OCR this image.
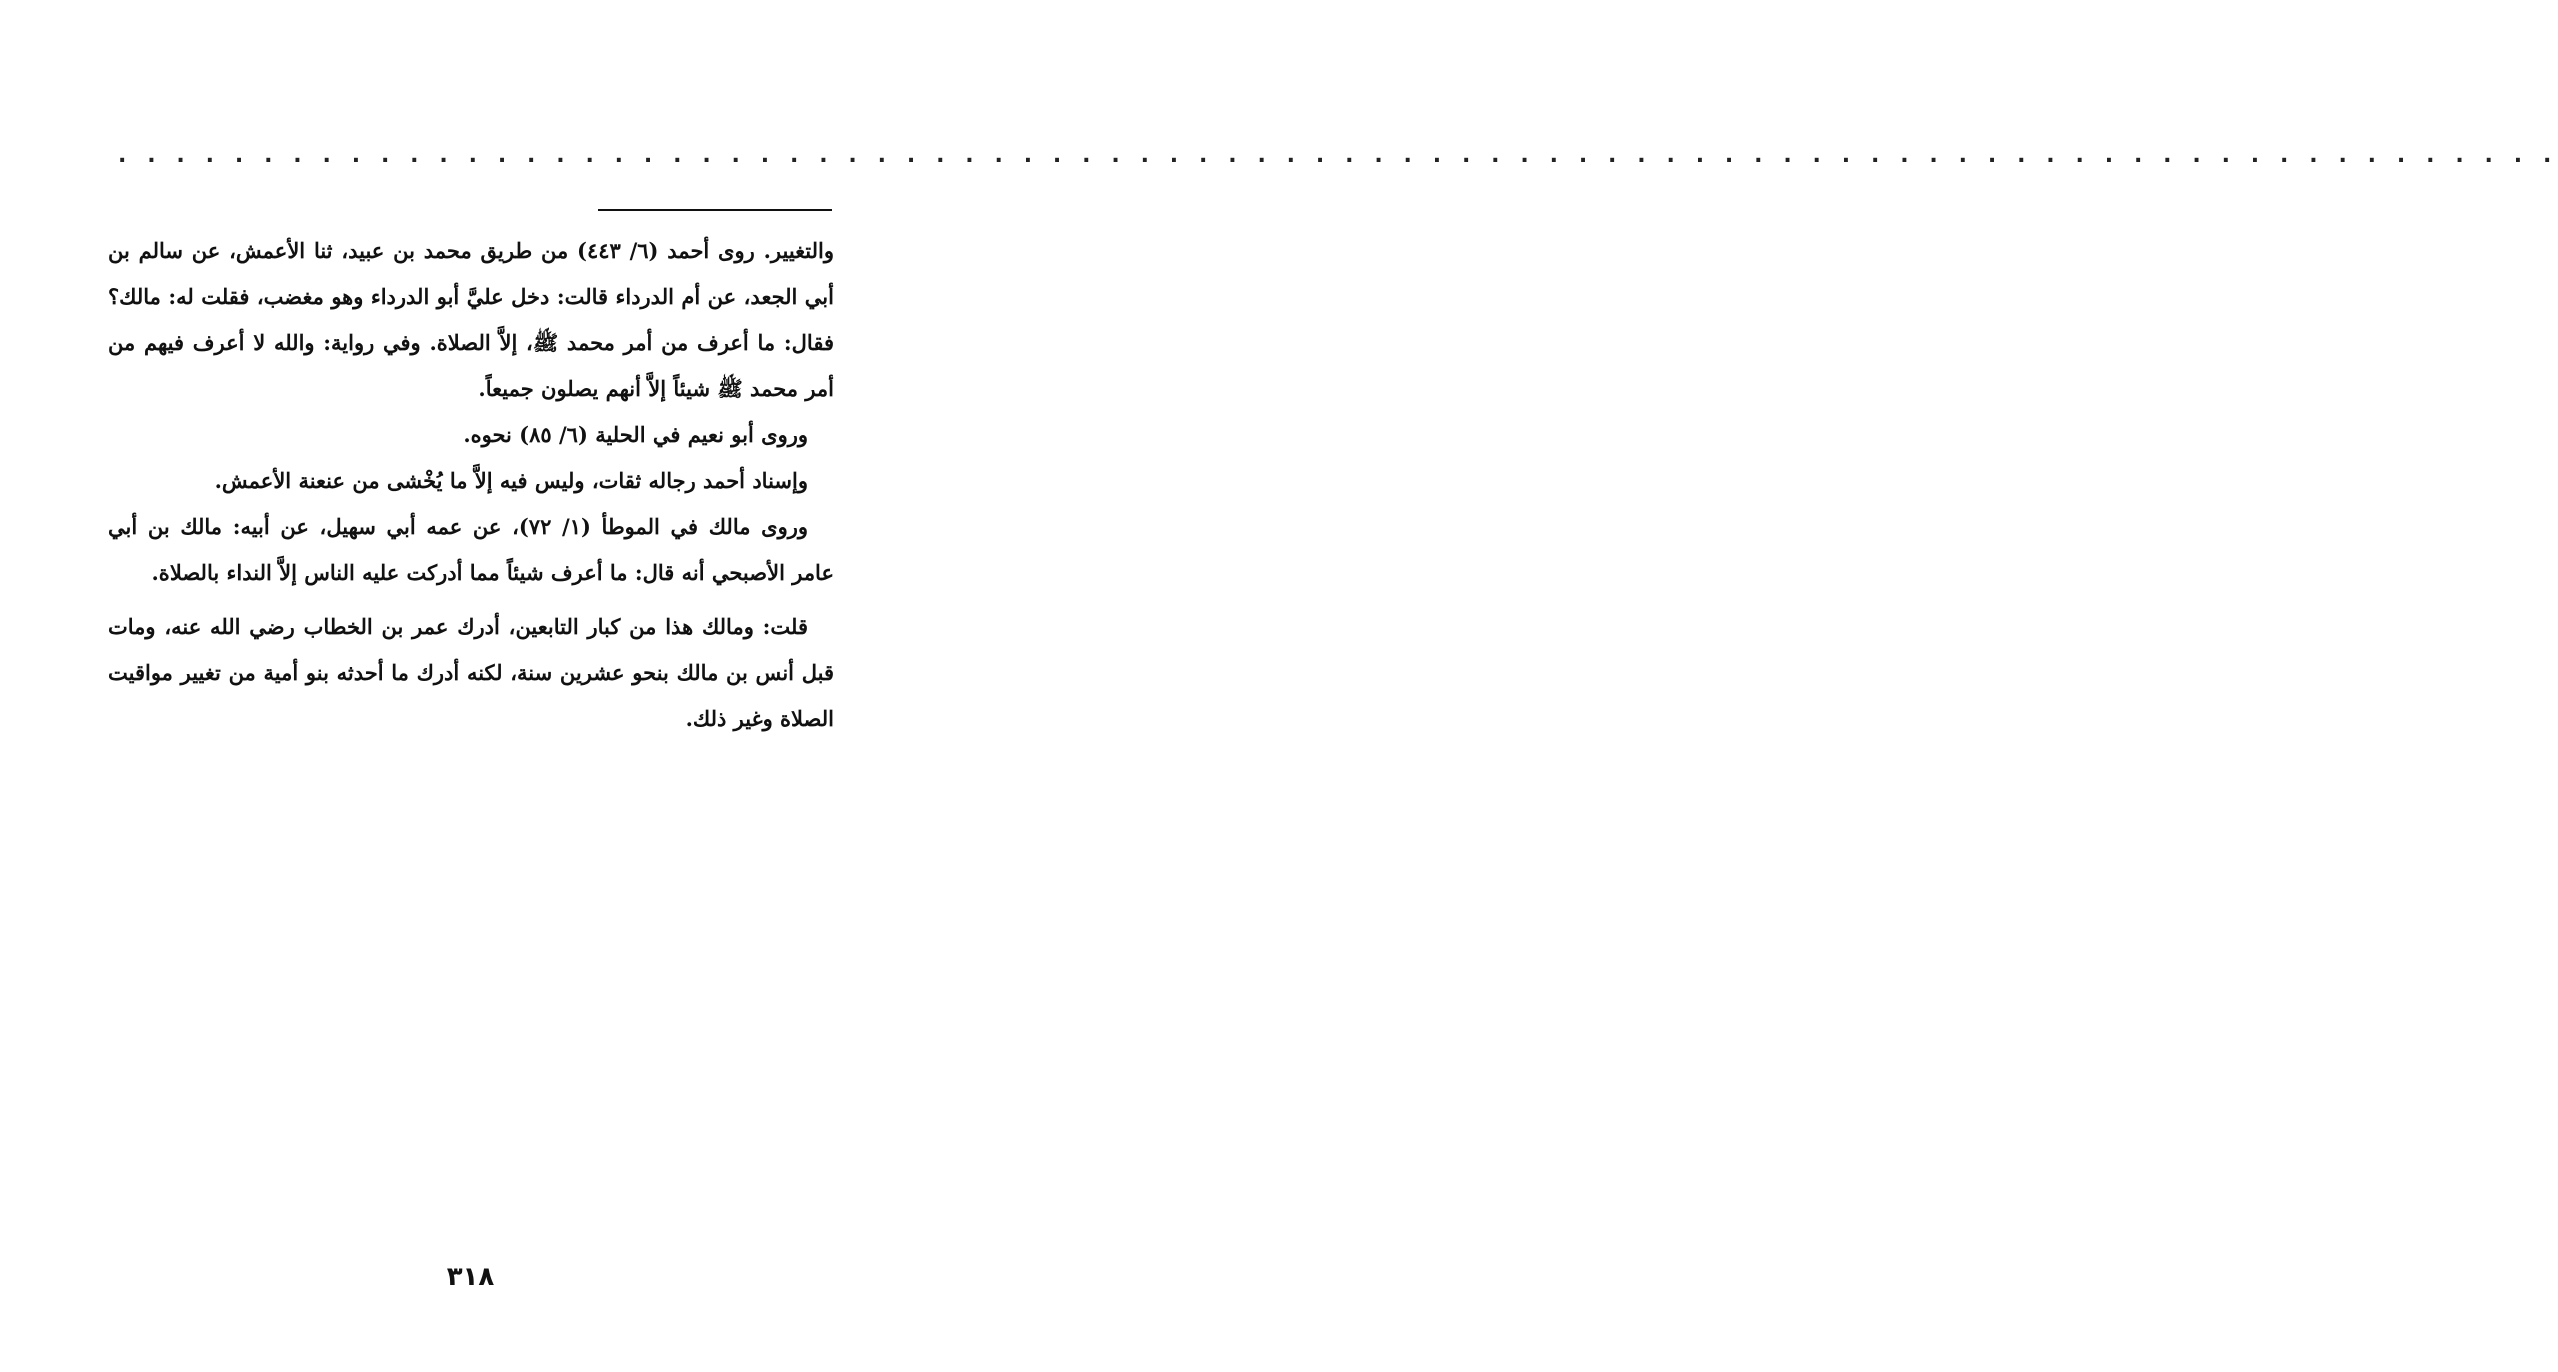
. . . . . . . . . . . . . . . . . . . . . . . . . . . . . . . . . . . . . . . . . . . . . . . . . . . . . . . . . . . . . . . . . . . . . . . . . . . . . . . . . . . .

والتغيير. روى أحمد (٦/ ٤٤٣) من طريق محمد بن عبيد، ثنا الأعمش، عن سالم بن أبي الجعد، عن أم الدرداء قالت: دخل عليَّ أبو الدرداء وهو مغضب، فقلت له: مالك؟ فقال: ما أعرف من أمر محمد ﷺ، إلاَّ الصلاة. وفي رواية: والله لا أعرف فيهم من أمر محمد ﷺ شيئاً إلاَّ أنهم يصلون جميعاً.

وروى أبو نعيم في الحلية (٦/ ٨٥) نحوه.

وإسناد أحمد رجاله ثقات، وليس فيه إلاَّ ما يُخْشى من عنعنة الأعمش.

وروى مالك في الموطأ (١/ ٧٢)، عن عمه أبي سهيل، عن أبيه: مالك بن أبي عامر الأصبحي أنه قال: ما أعرف شيئاً مما أدركت عليه الناس إلاَّ النداء بالصلاة.

قلت: ومالك هذا من كبار التابعين، أدرك عمر بن الخطاب رضي الله عنه، ومات قبل أنس بن مالك بنحو عشرين سنة، لكنه أدرك ما أحدثه بنو أمية من تغيير مواقيت الصلاة وغير ذلك.

٣١٨
